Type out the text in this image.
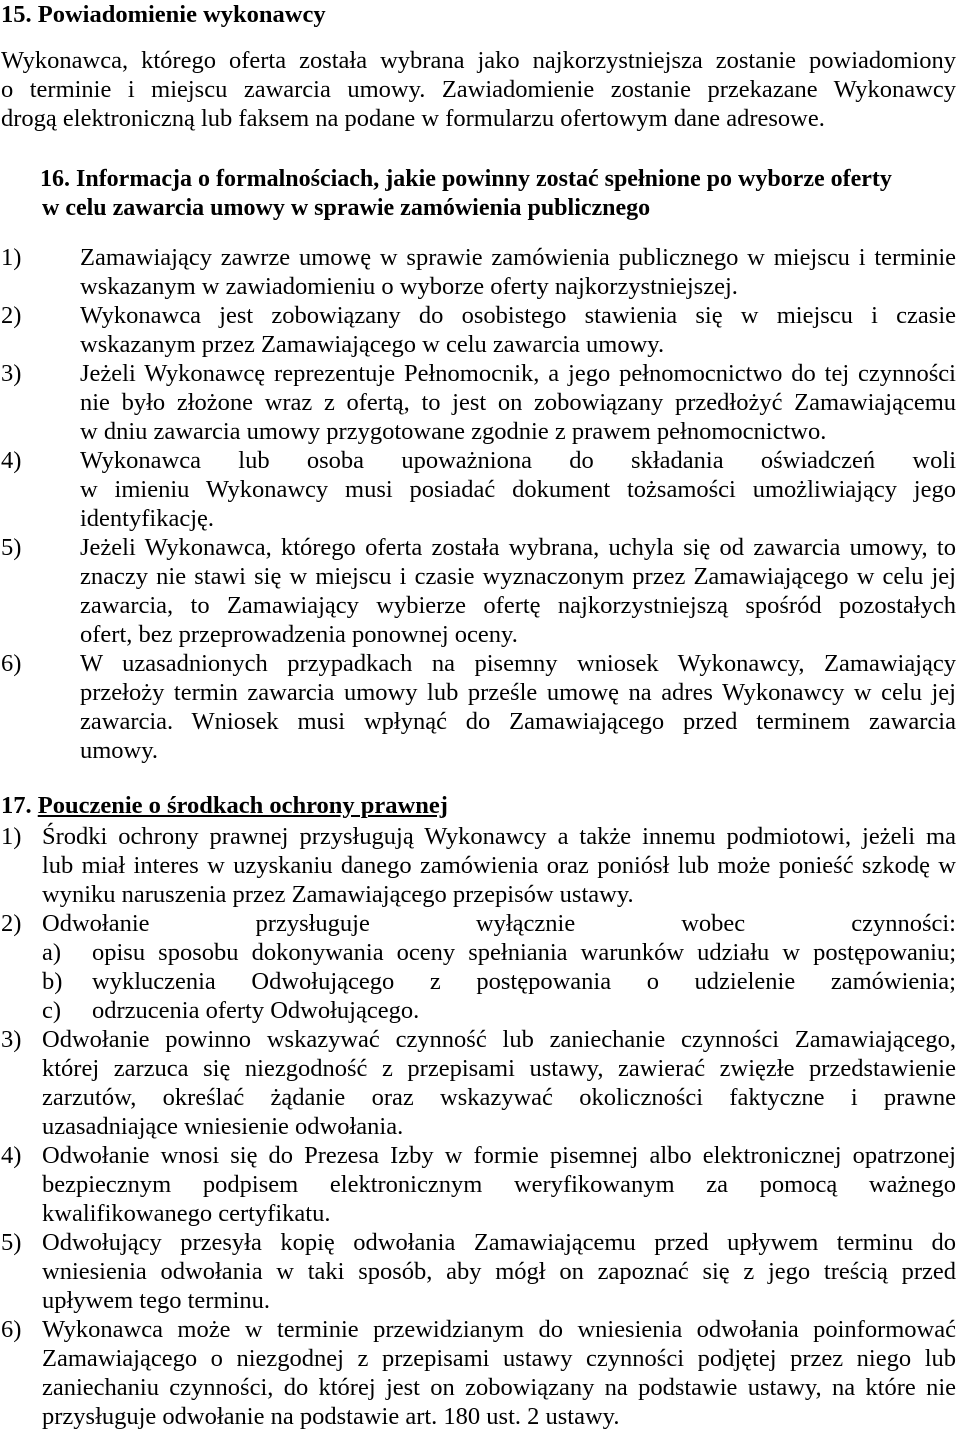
15. Powiadomienie wykonawcy
Wykonawca, którego oferta została wybrana jako najkorzystniejsza zostanie powiadomiony
o terminie i miejscu zawarcia umowy. Zawiadomienie zostanie przekazane Wykonawcy
drogą elektroniczną lub faksem na podane w formularzu ofertowym dane adresowe.
16. Informacja o formalnościach, jakie powinny zostać spełnione po wyborze oferty
w celu zawarcia umowy w sprawie zamówienia publicznego
1) Zamawiający zawrze umowę w sprawie zamówienia publicznego w miejscu i terminie
wskazanym w zawiadomieniu o wyborze oferty najkorzystniejszej.
2) Wykonawca jest zobowiązany do osobistego stawienia się w miejscu i czasie
wskazanym przez Zamawiającego w celu zawarcia umowy.
3) Jeżeli Wykonawcę reprezentuje Pełnomocnik, a jego pełnomocnictwo do tej czynności
nie było złożone wraz z ofertą, to jest on zobowiązany przedłożyć Zamawiającemu
w dniu zawarcia umowy przygotowane zgodnie z prawem pełnomocnictwo.
4) Wykonawca lub osoba upoważniona do składania oświadczeń woli
w imieniu Wykonawcy musi posiadać dokument tożsamości umożliwiający jego
identyfikację.
5) Jeżeli Wykonawca, którego oferta została wybrana, uchyla się od zawarcia umowy, to
znaczy nie stawi się w miejscu i czasie wyznaczonym przez Zamawiającego w celu jej
zawarcia, to Zamawiający wybierze ofertę najkorzystniejszą spośród pozostałych
ofert, bez przeprowadzenia ponownej oceny.
6) W uzasadnionych przypadkach na pisemny wniosek Wykonawcy, Zamawiający
przełoży termin zawarcia umowy lub prześle umowę na adres Wykonawcy w celu jej
zawarcia. Wniosek musi wpłynąć do Zamawiającego przed terminem zawarcia
umowy.
17. Pouczenie o środkach ochrony prawnej
1) Środki ochrony prawnej przysługują Wykonawcy a także innemu podmiotowi, jeżeli ma
lub miał interes w uzyskaniu danego zamówienia oraz poniósł lub może ponieść szkodę w
wyniku naruszenia przez Zamawiającego przepisów ustawy.
2) Odwołanie przysługuje wyłącznie wobec czynności:
a) opisu sposobu dokonywania oceny spełniania warunków udziału w postępowaniu;
b) wykluczenia Odwołującego z postępowania o udzielenie zamówienia;
c) odrzucenia oferty Odwołującego.
3) Odwołanie powinno wskazywać czynność lub zaniechanie czynności Zamawiającego,
której zarzuca się niezgodność z przepisami ustawy, zawierać zwięzłe przedstawienie
zarzutów, określać żądanie oraz wskazywać okoliczności faktyczne i prawne
uzasadniające wniesienie odwołania.
4) Odwołanie wnosi się do Prezesa Izby w formie pisemnej albo elektronicznej opatrzonej
bezpiecznym podpisem elektronicznym weryfikowanym za pomocą ważnego
kwalifikowanego certyfikatu.
5) Odwołujący przesyła kopię odwołania Zamawiającemu przed upływem terminu do
wniesienia odwołania w taki sposób, aby mógł on zapoznać się z jego treścią przed
upływem tego terminu.
6) Wykonawca może w terminie przewidzianym do wniesienia odwołania poinformować
Zamawiającego o niezgodnej z przepisami ustawy czynności podjętej przez niego lub
zaniechaniu czynności, do której jest on zobowiązany na podstawie ustawy, na które nie
przysługuje odwołanie na podstawie art. 180 ust. 2 ustawy.
